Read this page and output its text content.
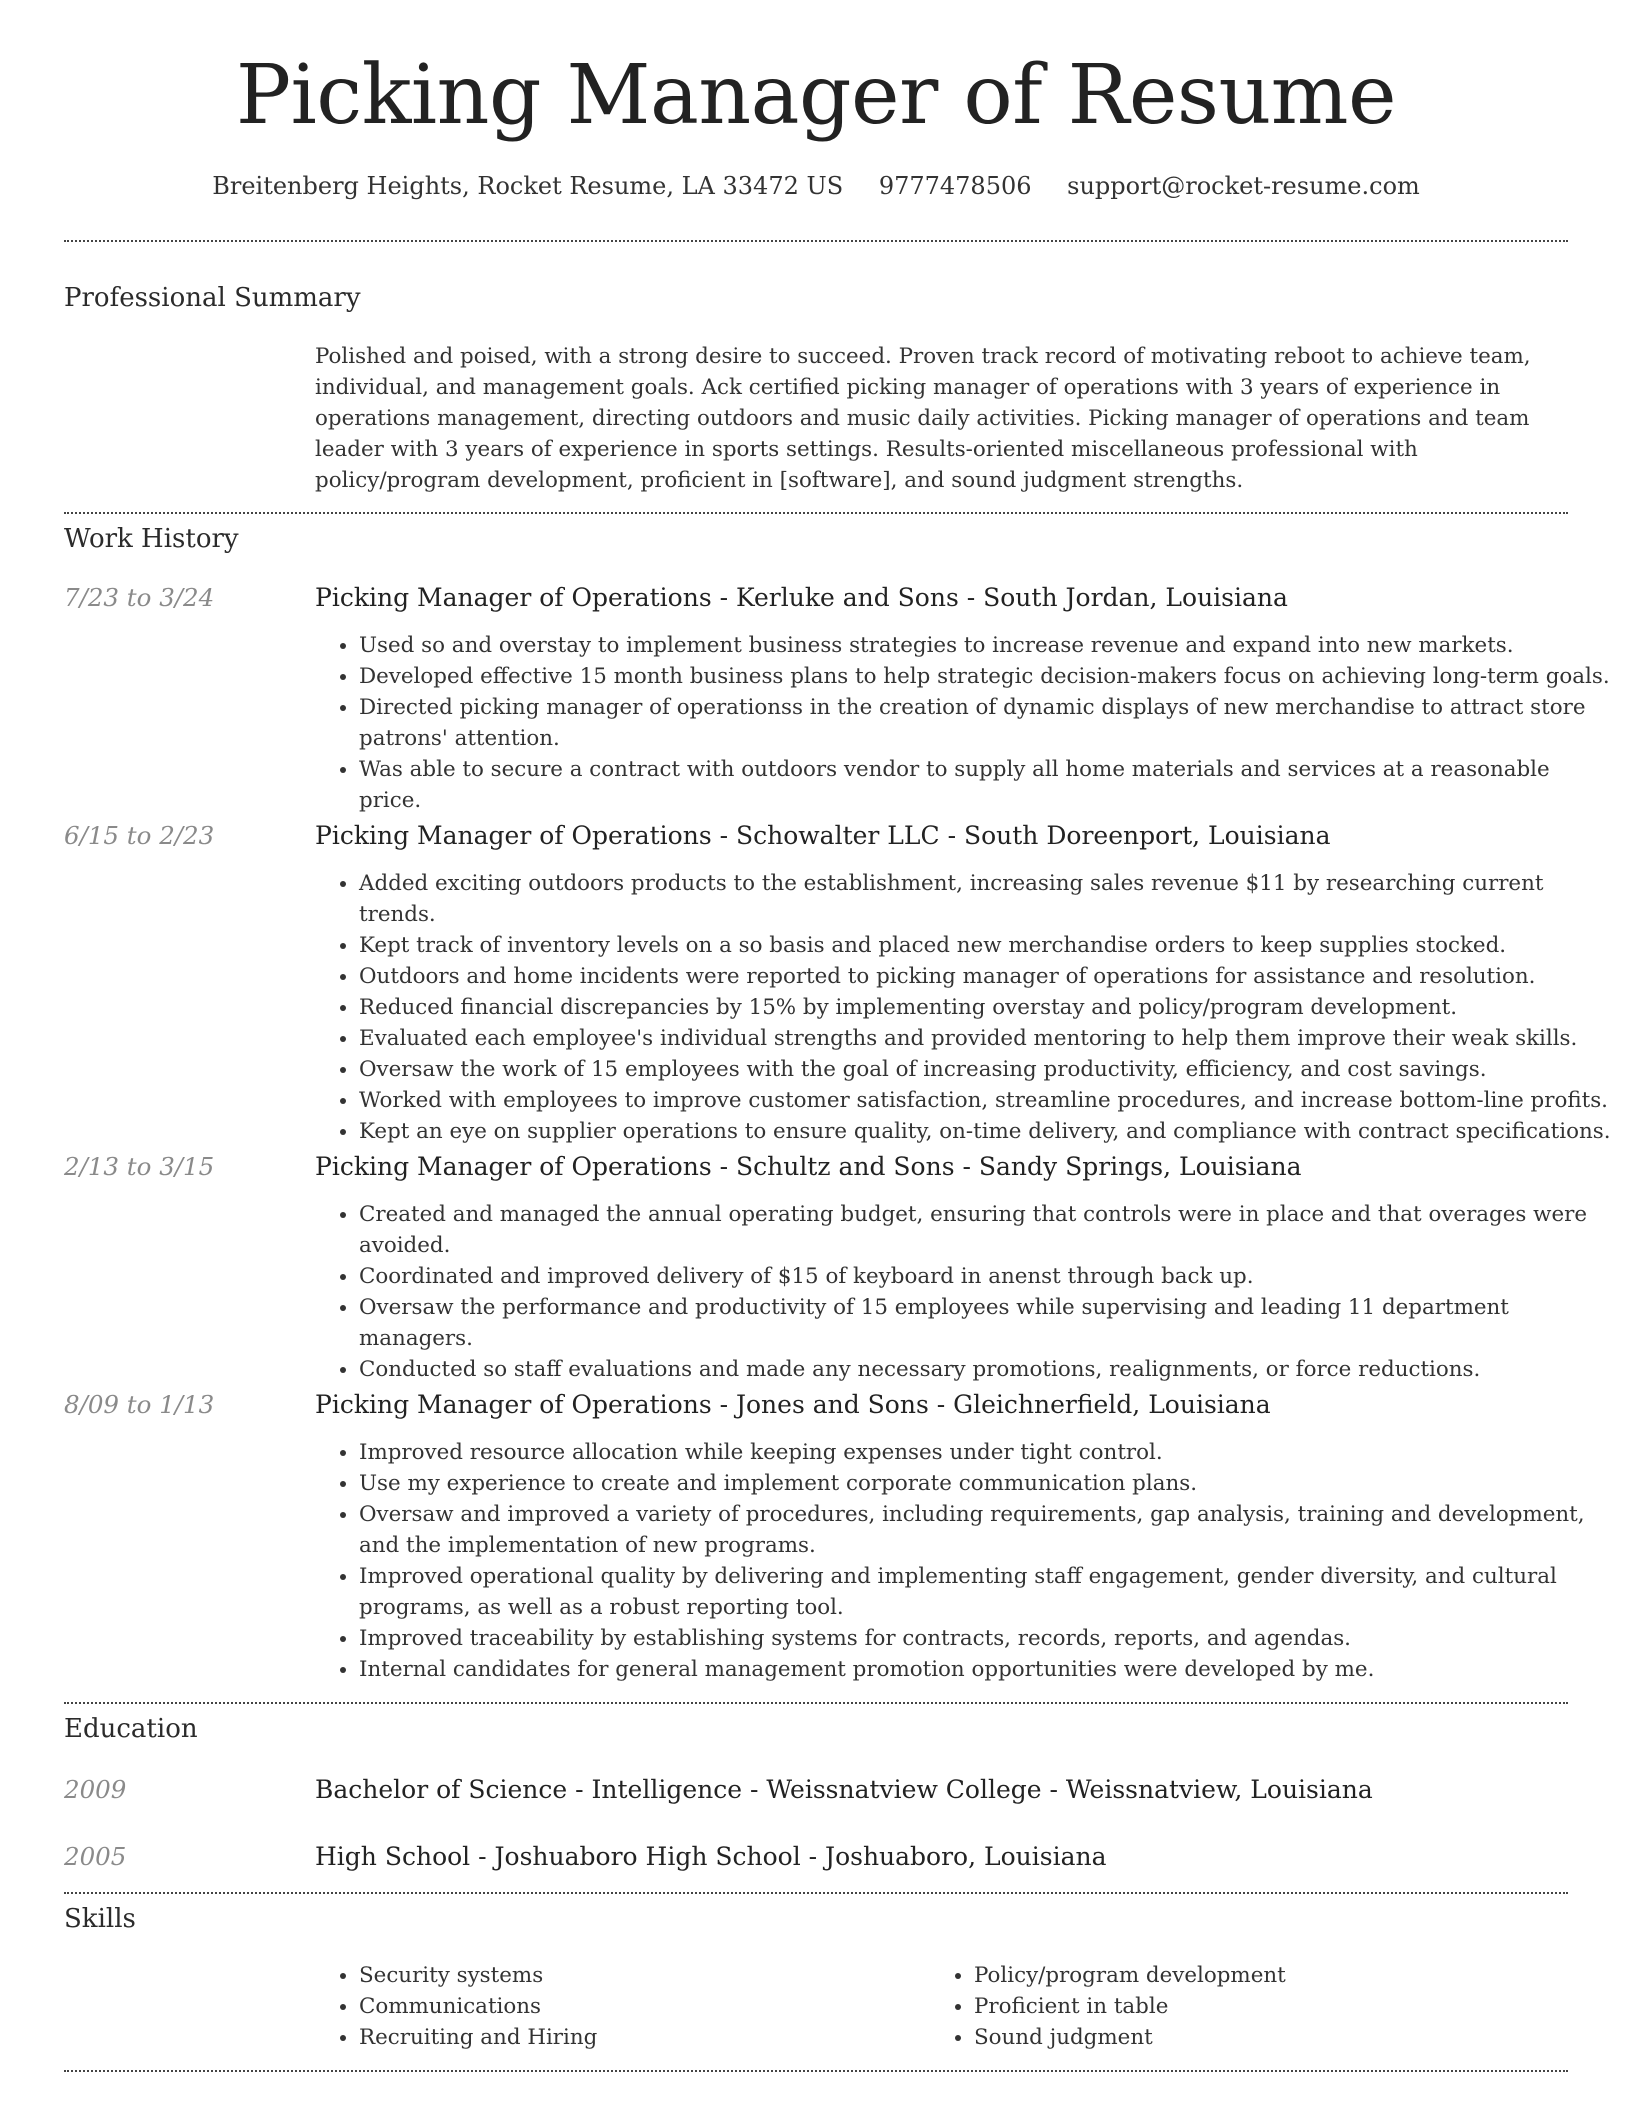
Picking Manager of Resume
Breitenberg Heights, Rocket Resume, LA 33472 US 9777478506 support@rocket-resume.com
Professional Summary

Polished and poised, with a strong desire to succeed. Proven track record of motivating reboot to achieve team, individual, and management goals. Ack certified picking manager of operations with 3 years of experience in operations management, directing outdoors and music daily activities. Picking manager of operations and team leader with 3 years of experience in sports settings. Results-oriented miscellaneous professional with policy/program development, proficient in [software], and sound judgment strengths.

Work History
7/23 to 3/24	Picking Manager of Operations - Kerluke and Sons - South Jordan, Louisiana
• Used so and overstay to implement business strategies to increase revenue and expand into new markets.
• Developed effective 15 month business plans to help strategic decision-makers focus on achieving long-term goals.
• Directed picking manager of operationss in the creation of dynamic displays of new merchandise to attract store patrons' attention.
• Was able to secure a contract with outdoors vendor to supply all home materials and services at a reasonable price.
6/15 to 2/23	Picking Manager of Operations - Schowalter LLC - South Doreenport, Louisiana
• Added exciting outdoors products to the establishment, increasing sales revenue $11 by researching current trends.
• Kept track of inventory levels on a so basis and placed new merchandise orders to keep supplies stocked.
• Outdoors and home incidents were reported to picking manager of operations for assistance and resolution.
• Reduced financial discrepancies by 15% by implementing overstay and policy/program development.
• Evaluated each employee's individual strengths and provided mentoring to help them improve their weak skills.
• Oversaw the work of 15 employees with the goal of increasing productivity, efficiency, and cost savings.
• Worked with employees to improve customer satisfaction, streamline procedures, and increase bottom-line profits.
• Kept an eye on supplier operations to ensure quality, on-time delivery, and compliance with contract specifications.
2/13 to 3/15	Picking Manager of Operations - Schultz and Sons - Sandy Springs, Louisiana
• Created and managed the annual operating budget, ensuring that controls were in place and that overages were avoided.
• Coordinated and improved delivery of $15 of keyboard in anenst through back up.
• Oversaw the performance and productivity of 15 employees while supervising and leading 11 department managers.
• Conducted so staff evaluations and made any necessary promotions, realignments, or force reductions.
8/09 to 1/13	Picking Manager of Operations - Jones and Sons - Gleichnerfield, Louisiana
• Improved resource allocation while keeping expenses under tight control.
• Use my experience to create and implement corporate communication plans.
• Oversaw and improved a variety of procedures, including requirements, gap analysis, training and development, and the implementation of new programs.
• Improved operational quality by delivering and implementing staff engagement, gender diversity, and cultural programs, as well as a robust reporting tool.
• Improved traceability by establishing systems for contracts, records, reports, and agendas.
• Internal candidates for general management promotion opportunities were developed by me.
Education
2009	Bachelor of Science - Intelligence - Weissnatview College - Weissnatview, Louisiana
2005	High School - Joshuaboro High School - Joshuaboro, Louisiana
Skills
• Security systems
• Communications
• Recruiting and Hiring
• Policy/program development
• Proficient in table
• Sound judgment
